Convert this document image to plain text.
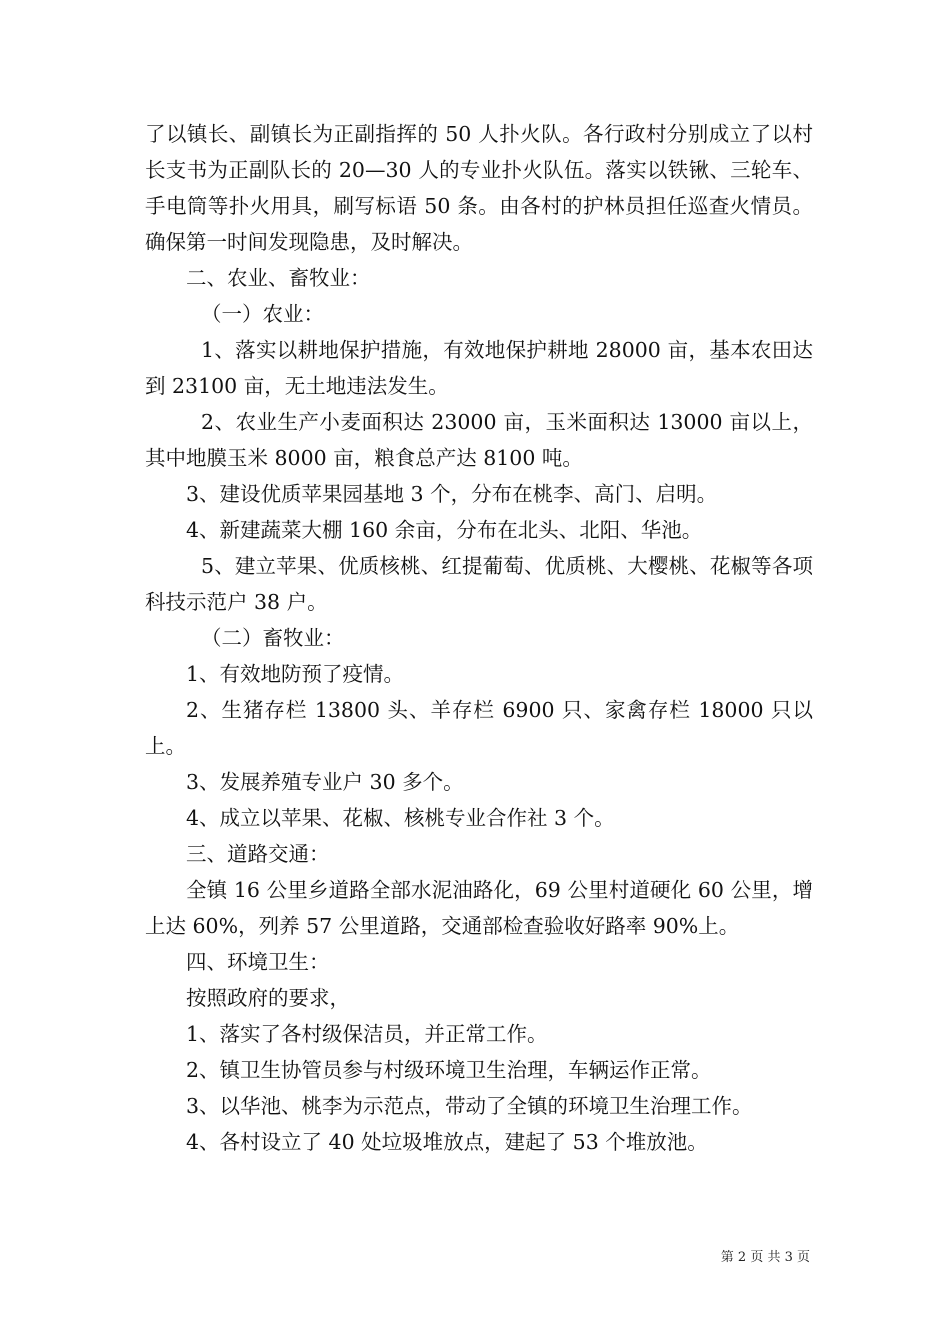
了以镇长、副镇长为正副指挥的 50 人扑火队。各行政村分别成立了以村长支书为正副队长的 20—30 人的专业扑火队伍。落实以铁锹、三轮车、手电筒等扑火用具，刷写标语 50 条。由各村的护林员担任巡查火情员。确保第一时间发现隐患，及时解决。

二、农业、畜牧业：

（一）农业：

1、落实以耕地保护措施，有效地保护耕地 28000 亩，基本农田达到 23100 亩，无土地违法发生。

2、农业生产小麦面积达 23000 亩，玉米面积达 13000 亩以上，其中地膜玉米 8000 亩，粮食总产达 8100 吨。

3、建设优质苹果园基地 3 个，分布在桃李、高门、启明。

4、新建蔬菜大棚 160 余亩，分布在北头、北阳、华池。

5、建立苹果、优质核桃、红提葡萄、优质桃、大樱桃、花椒等各项科技示范户 38 户。

（二）畜牧业：

1、有效地防预了疫情。

2、生猪存栏 13800 头、羊存栏 6900 只、家禽存栏 18000 只以上。

3、发展养殖专业户 30 多个。

4、成立以苹果、花椒、核桃专业合作社 3 个。

三、道路交通：

全镇 16 公里乡道路全部水泥油路化，69 公里村道硬化 60 公里，增上达 60%，列养 57 公里道路，交通部检查验收好路率 90%上。

四、环境卫生：

按照政府的要求，

1、落实了各村级保洁员，并正常工作。

2、镇卫生协管员参与村级环境卫生治理，车辆运作正常。

3、以华池、桃李为示范点，带动了全镇的环境卫生治理工作。

4、各村设立了 40 处垃圾堆放点，建起了 53 个堆放池。

第 2 页 共 3 页
